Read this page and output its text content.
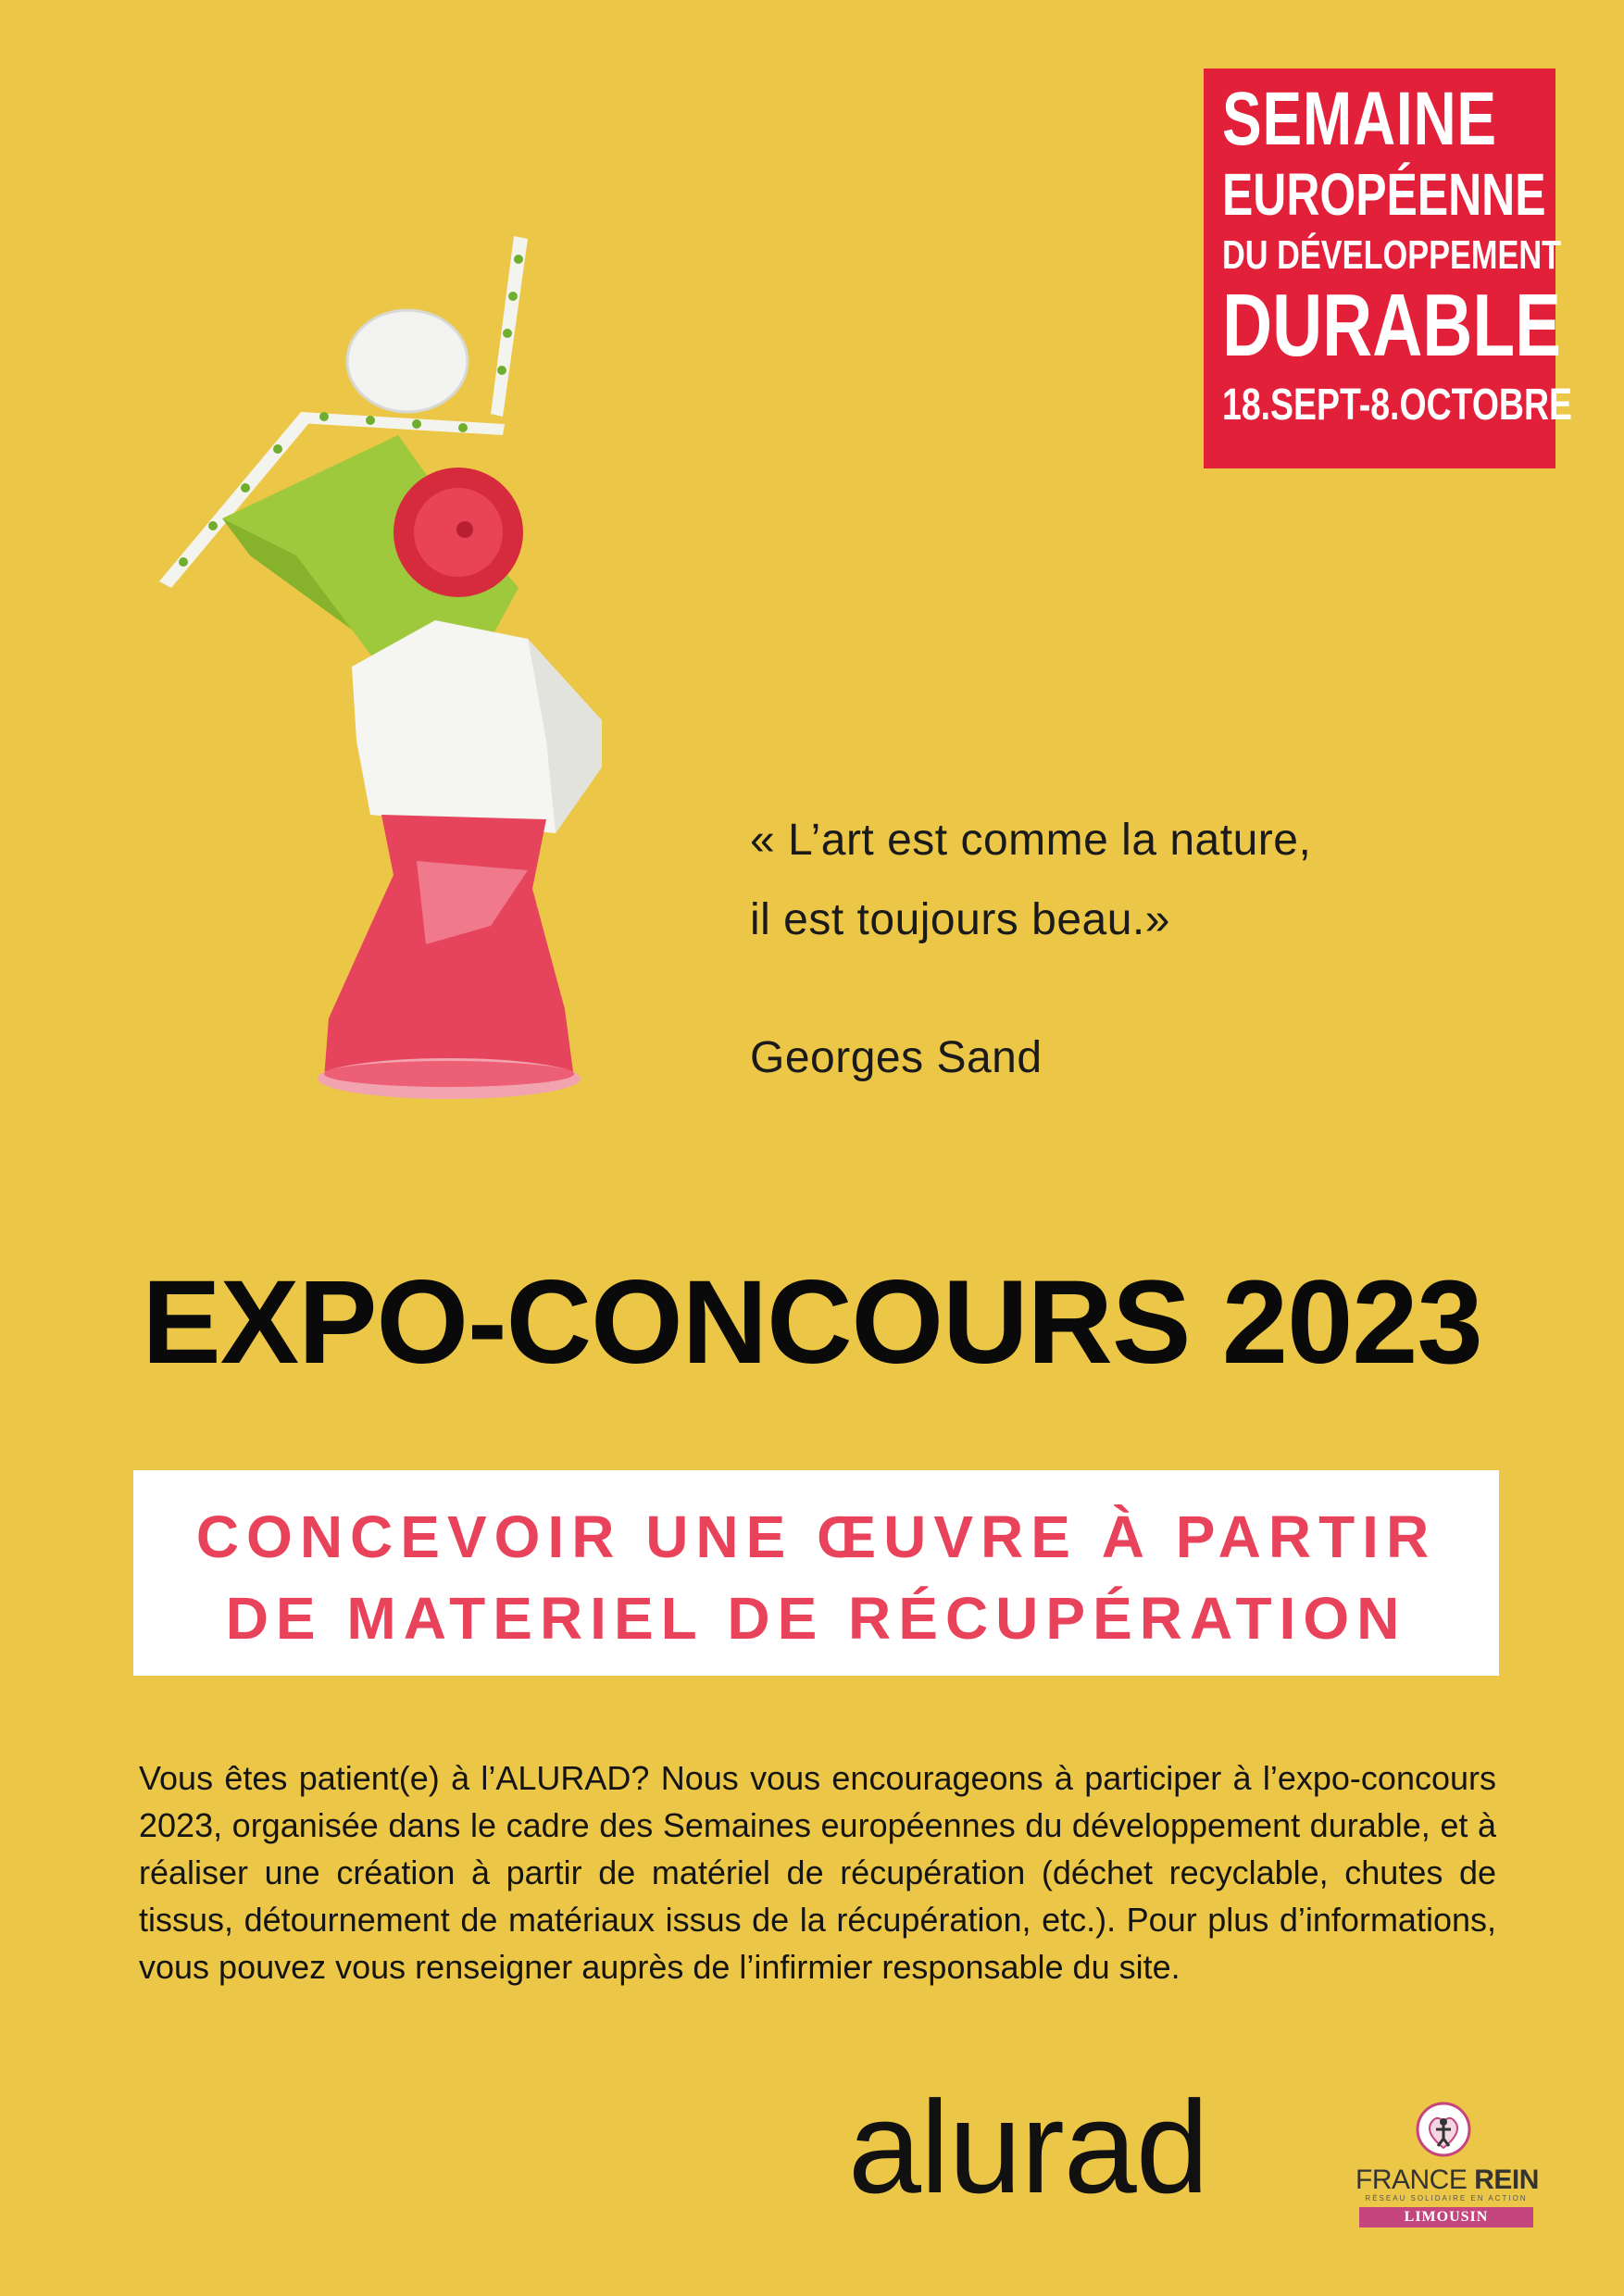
SEMAINE
EUROPÉENNE
DU DÉVELOPPEMENT
DURABLE
18.SEPT-8.OCTOBRE
« L’art est comme la nature,
il est toujours beau.»
Georges Sand
EXPO-CONCOURS 2023
CONCEVOIR UNE ŒUVRE À PARTIR
DE MATERIEL DE RÉCUPÉRATION
Vous êtes patient(e) à l’ALURAD? Nous vous encourageons à participer à l’expo-concours 2023, organisée dans le cadre des Semaines européennes du développement durable, et à réaliser une création à partir de matériel de récupération (déchet recyclable, chutes de tissus, détournement de matériaux issus de la récupération, etc.). Pour plus d’informations, vous pouvez vous renseigner auprès de l’infirmier responsable du site.
alurad	FRANCE REIN
RÉSEAU SOLIDAIRE EN ACTION
LIMOUSIN
